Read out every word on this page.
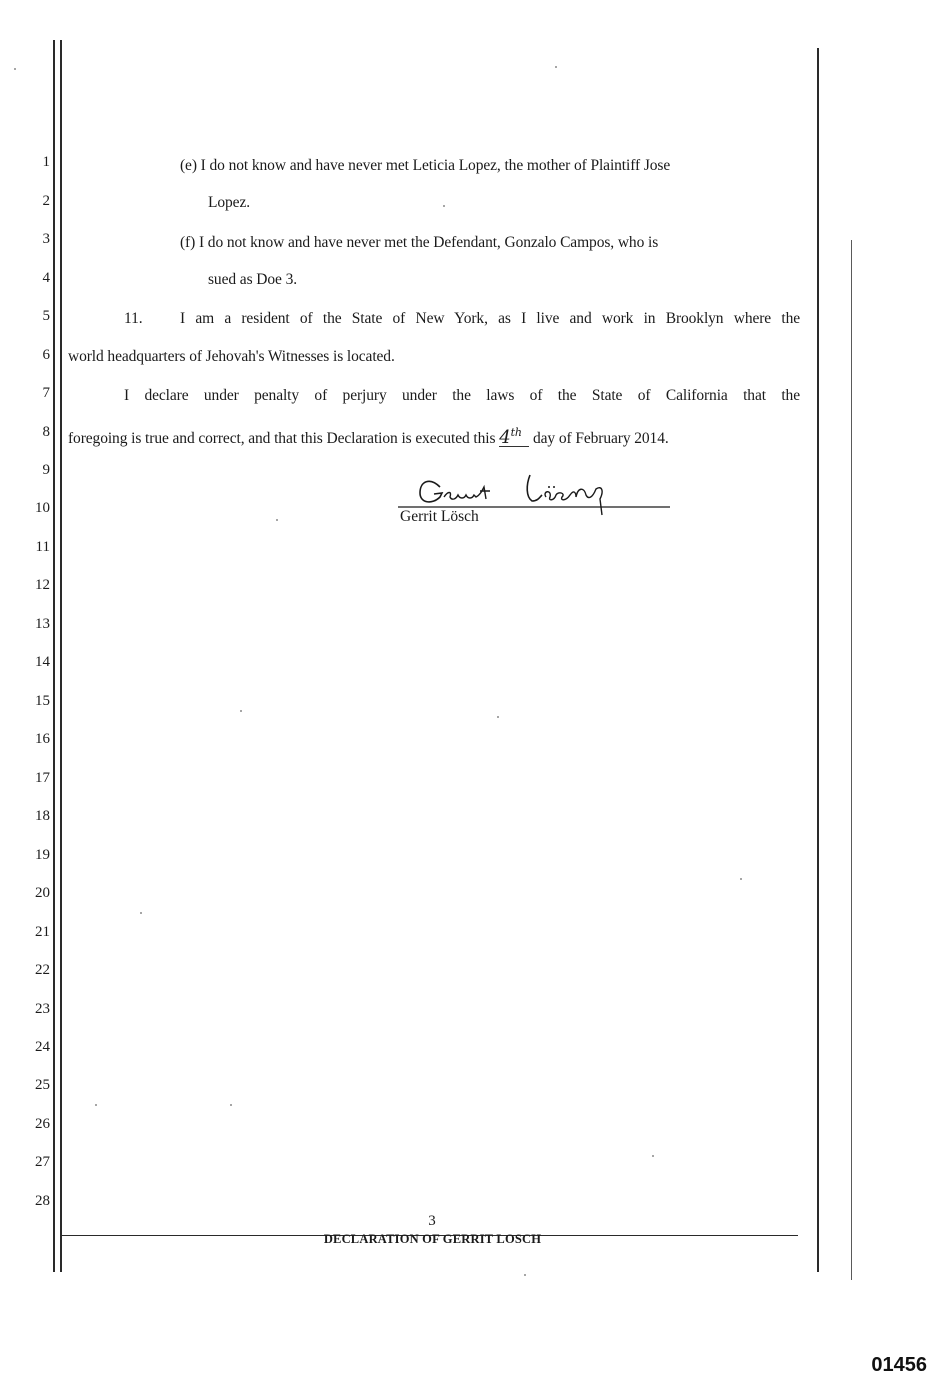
1
2
3
4
5
6
7
8
9
10
11
12
13
14
15
16
17
18
19
20
21
22
23
24
25
26
27
28
(e) I do not know and have never met Leticia Lopez, the mother of Plaintiff Jose
Lopez.
(f) I do not know and have never met the Defendant, Gonzalo Campos, who is
sued as Doe 3.
11. I am a resident of the State of New York, as I live and work in Brooklyn where the
world headquarters of Jehovah's Witnesses is located.
I declare under penalty of perjury under the laws of the State of California that the
foregoing is true and correct, and that this Declaration is executed this 4th day of February 2014.
Gerrit Lösch
3
DECLARATION OF GERRIT LOSCH
01456
